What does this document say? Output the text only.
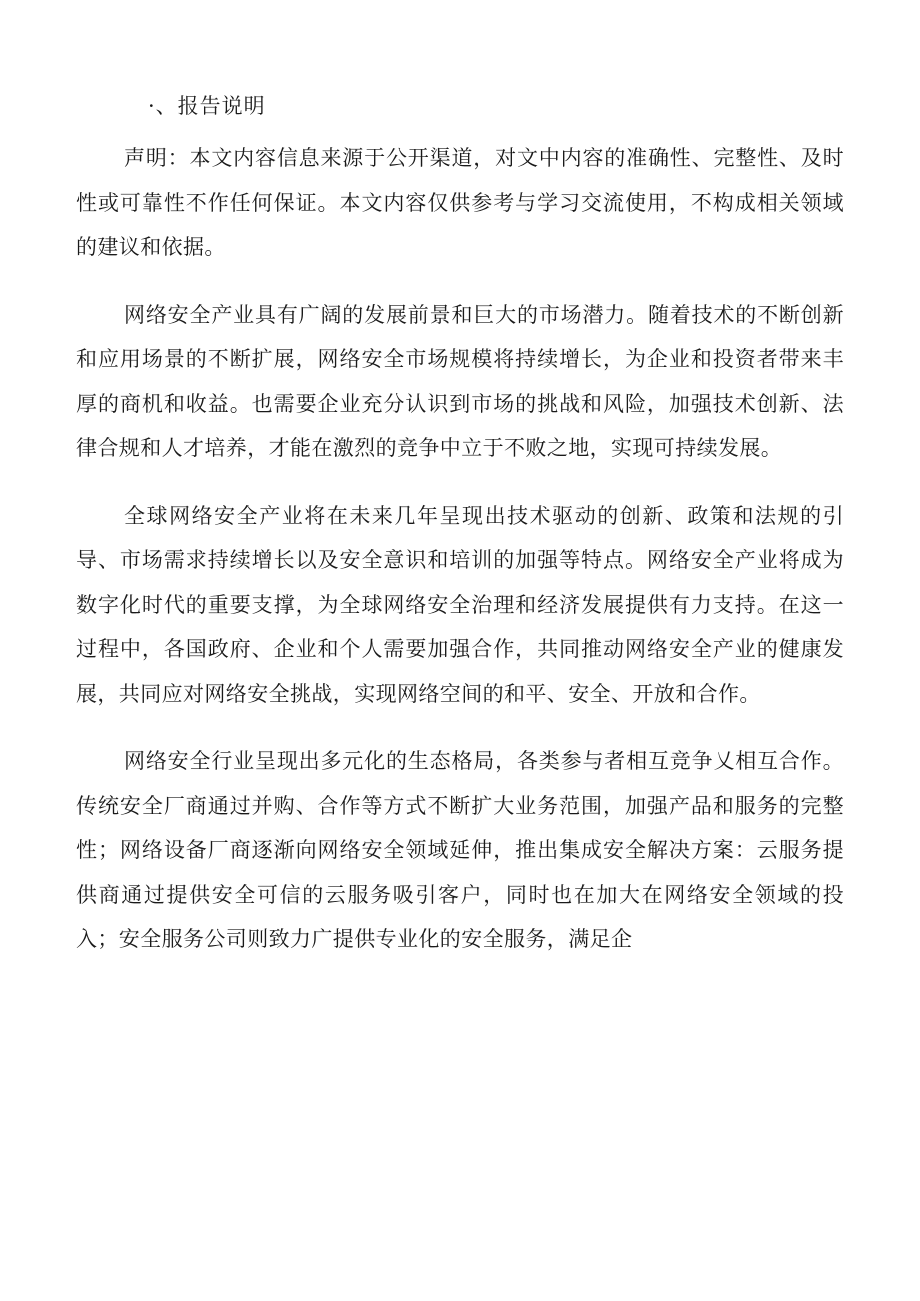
·、报告说明

声明：本文内容信息来源于公开渠道，对文中内容的准确性、完整性、及时性或可靠性不作任何保证。本文内容仅供参考与学习交流使用，不构成相关领域的建议和依据。

网络安全产业具有广阔的发展前景和巨大的市场潜力。随着技术的不断创新和应用场景的不断扩展，网络安全市场规模将持续增长，为企业和投资者带来丰厚的商机和收益。也需要企业充分认识到市场的挑战和风险，加强技术创新、法律合规和人才培养，才能在激烈的竞争中立于不败之地，实现可持续发展。

全球网络安全产业将在未来几年呈现出技术驱动的创新、政策和法规的引导、市场需求持续增长以及安全意识和培训的加强等特点。网络安全产业将成为数字化时代的重要支撑，为全球网络安全治理和经济发展提供有力支持。在这一过程中，各国政府、企业和个人需要加强合作，共同推动网络安全产业的健康发展，共同应对网络安全挑战，实现网络空间的和平、安全、开放和合作。

网络安全行业呈现出多元化的生态格局，各类参与者相互竞争乂相互合作。传统安全厂商通过并购、合作等方式不断扩大业务范围，加强产品和服务的完整性；网络设备厂商逐渐向网络安全领域延伸，推出集成安全解决方案：云服务提供商通过提供安全可信的云服务吸引客户，同时也在加大在网络安全领域的投入；安全服务公司则致力广提供专业化的安全服务，满足企
